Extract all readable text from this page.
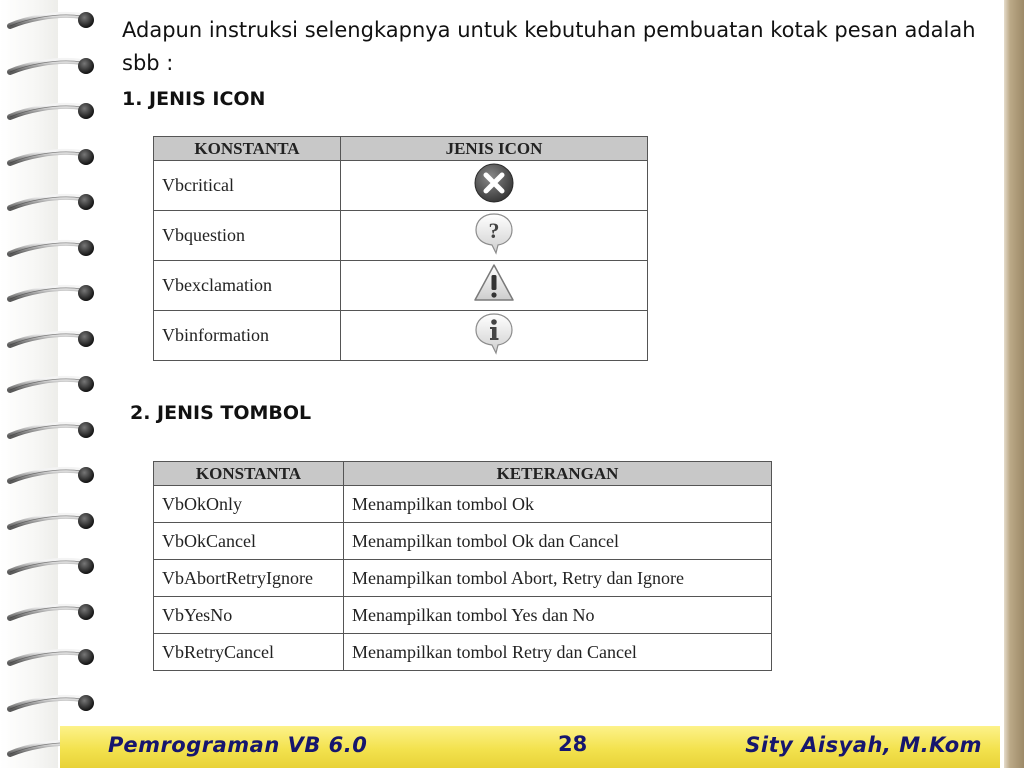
Adapun instruksi selengkapnya untuk kebutuhan pembuatan kotak pesan adalah sbb :

1. JENIS ICON
KONSTANTA	JENIS ICON
Vbcritical	
Vbquestion	?

Vbexclamation	
Vbinformation	
2. JENIS TOMBOL
KONSTANTA	KETERANGAN
VbOkOnly	Menampilkan tombol Ok
VbOkCancel	Menampilkan tombol Ok dan Cancel
VbAbortRetryIgnore	Menampilkan tombol Abort, Retry dan Ignore
VbYesNo	Menampilkan tombol Yes dan No
VbRetryCancel	Menampilkan tombol Retry dan Cancel
Pemrograman VB 6.0	28	Sity Aisyah, M.Kom
